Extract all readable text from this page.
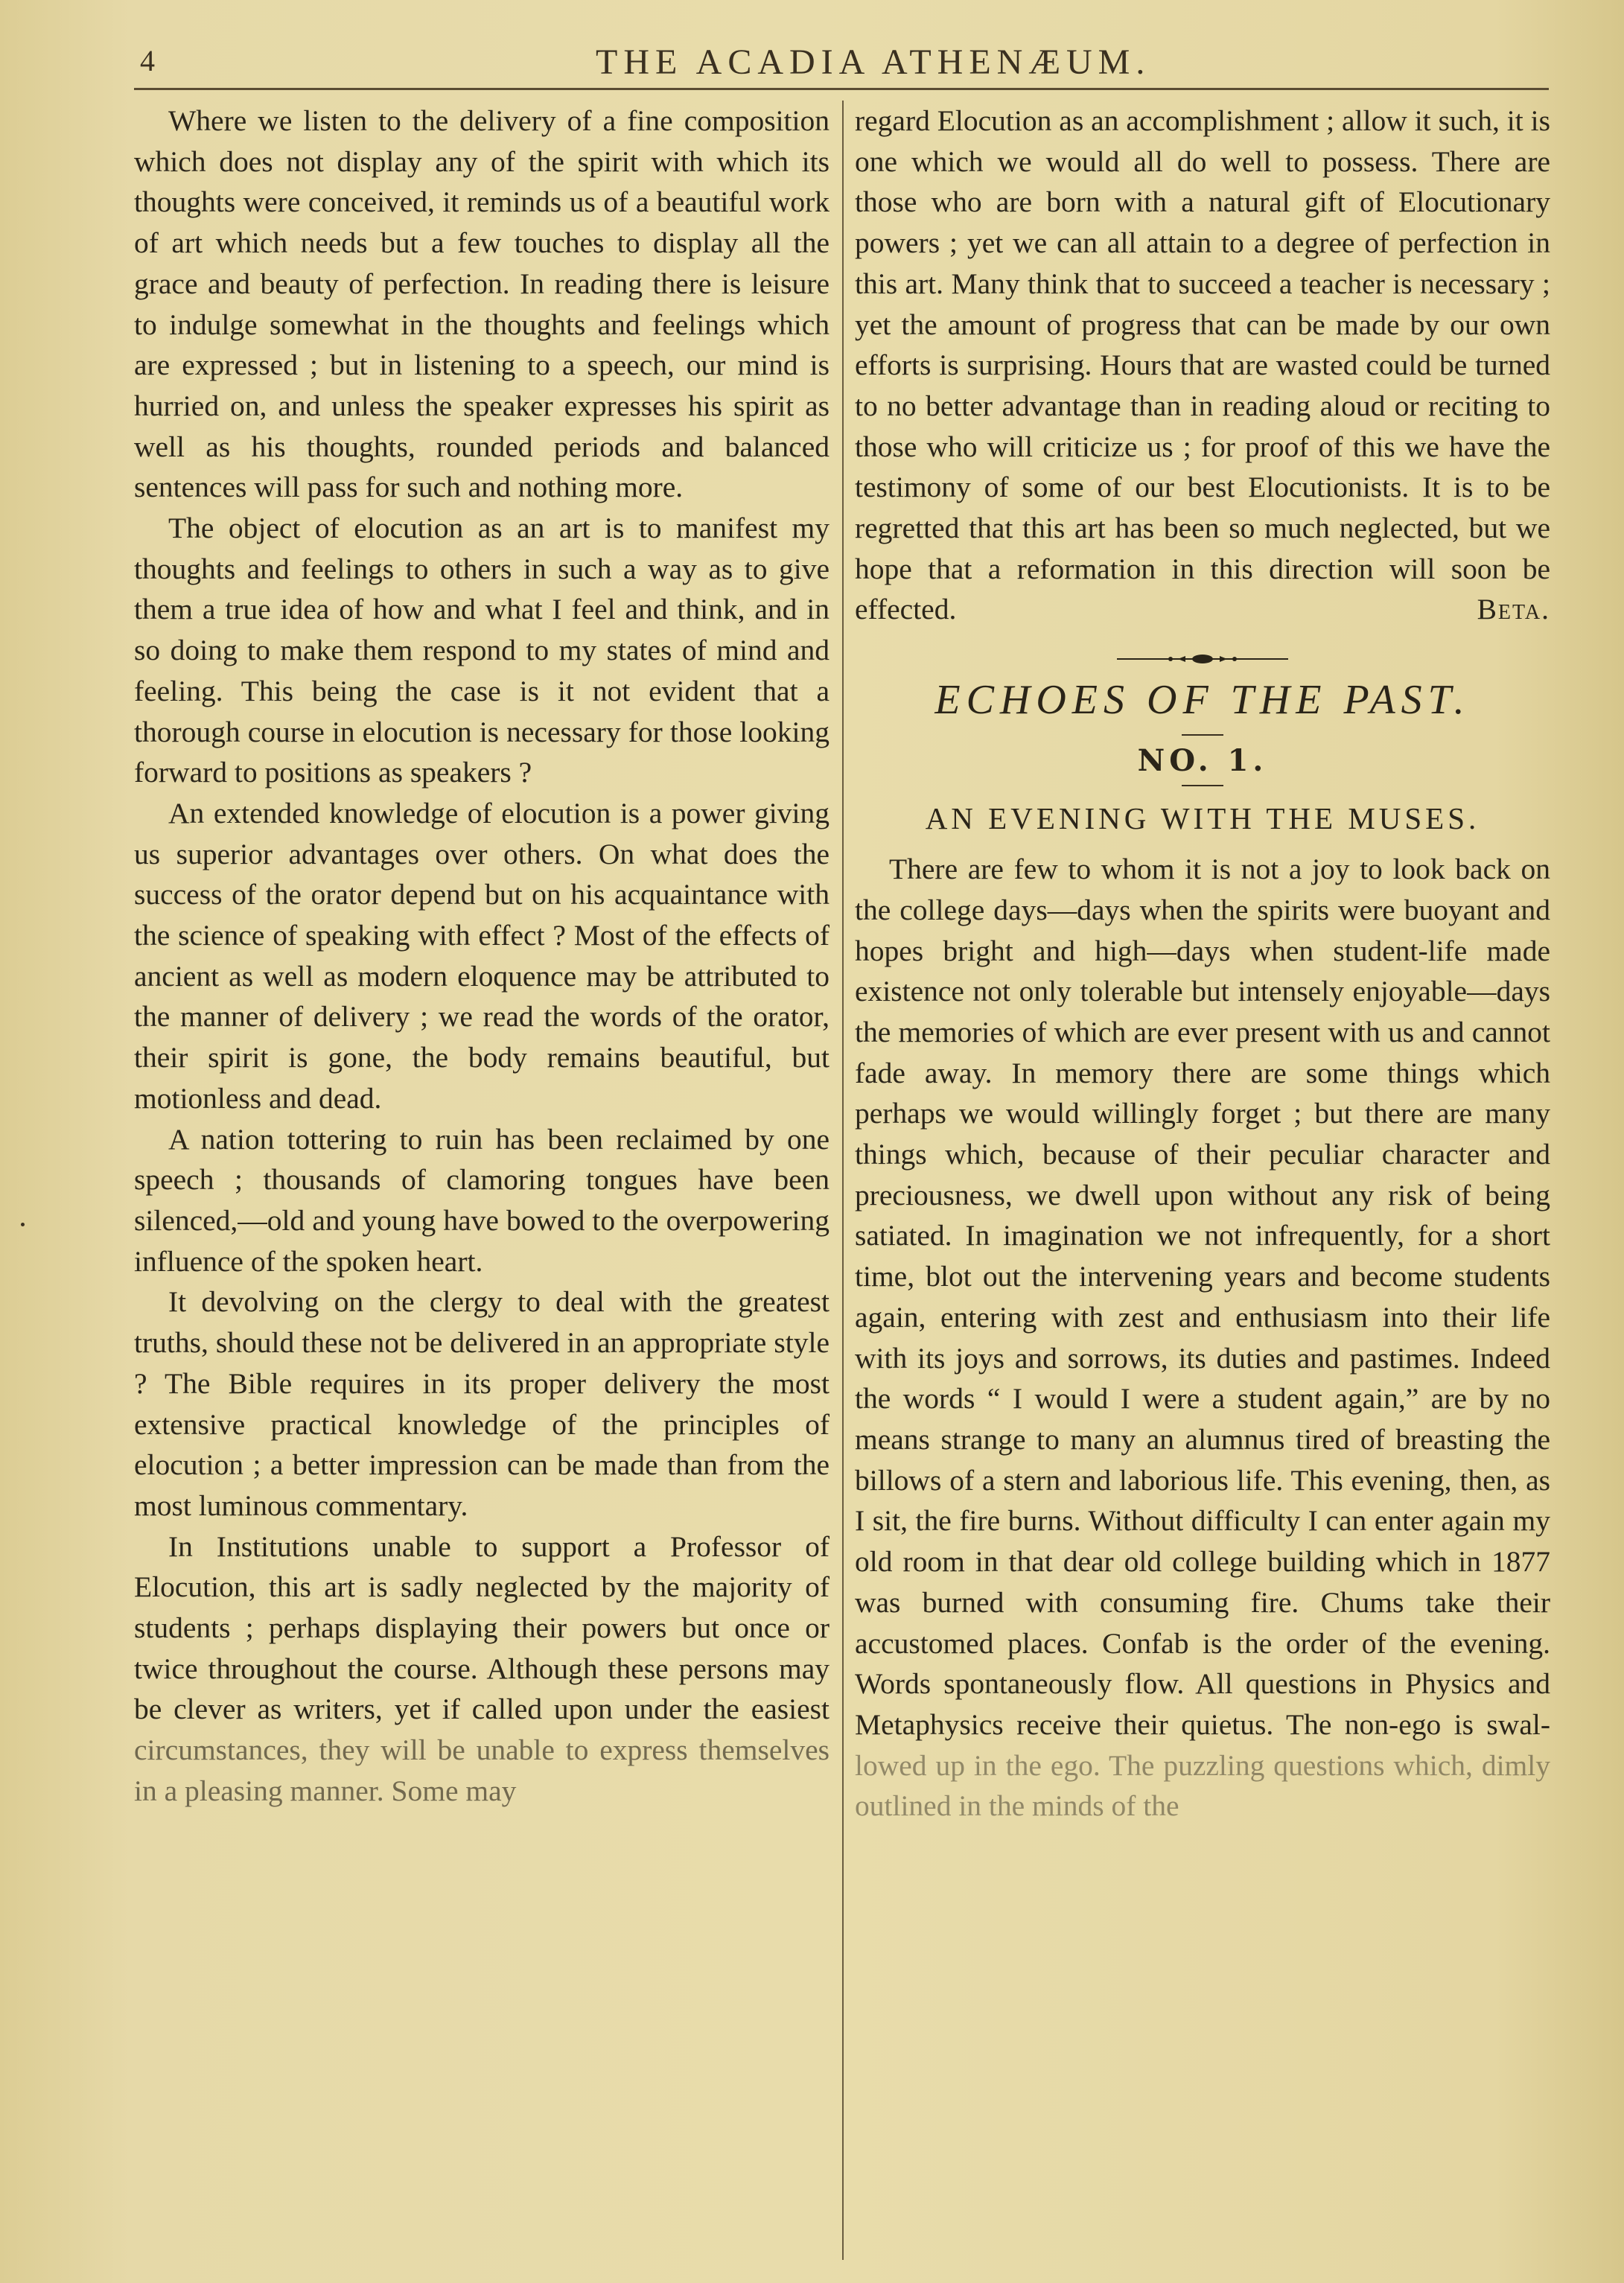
4	THE ACADIA ATHENÆUM.

Where we listen to the delivery of a fine composition which does not display any of the spirit with which its thoughts were conceived, it reminds us of a beautiful work of art which needs but a few touches to display all the grace and beauty of perfection. In reading there is leisure to indulge somewhat in the thoughts and feelings which are expressed ; but in listening to a speech, our mind is hurried on, and unless the speaker expresses his spirit as well as his thoughts, rounded periods and balanced sentences will pass for such and nothing more.

The object of elocution as an art is to manifest my thoughts and feelings to others in such a way as to give them a true idea of how and what I feel and think, and in so doing to make them respond to my states of mind and feeling. This being the case is it not evident that a thorough course in elocution is necessary for those looking forward to positions as speakers ?

An extended knowledge of elocution is a power giving us superior advantages over others. On what does the success of the orator depend but on his acquaintance with the science of speaking with effect ? Most of the effects of ancient as well as modern eloquence may be attributed to the manner of delivery ; we read the words of the orator, their spirit is gone, the body remains beautiful, but motionless and dead.

A nation tottering to ruin has been reclaimed by one speech ; thousands of clamoring tongues have been silenced,—old and young have bowed to the overpowering influence of the spoken heart.

It devolving on the clergy to deal with the greatest truths, should these not be delivered in an appropriate style ? The Bible requires in its proper delivery the most extensive practical knowledge of the principles of elocution ; a better impression can be made than from the most luminous commentary.

In Institutions unable to support a Professor of Elocution, this art is sadly neglected by the majority of students ; perhaps displaying their powers but once or twice throughout the course. Although these persons may be clever as writers, yet if called upon under the easiest circumstances, they will be unable to express themselves in a pleasing manner. Some may

regard Elocution as an accomplishment ; allow it such, it is one which we would all do well to possess. There are those who are born with a natural gift of Elocutionary powers ; yet we can all attain to a degree of perfection in this art. Many think that to succeed a teacher is necessary ; yet the amount of progress that can be made by our own efforts is surprising. Hours that are wasted could be turned to no better advantage than in reading aloud or reciting to those who will criticize us ; for proof of this we have the testimony of some of our best Elocutionists. It is to be regretted that this art has been so much neglected, but we hope that a reformation in this direction will soon be effected.	Beta.

ECHOES OF THE PAST.
NO. 1.
AN EVENING WITH THE MUSES.

There are few to whom it is not a joy to look back on the college days—days when the spirits were buoyant and hopes bright and high—days when student-life made existence not only tolerable but intensely enjoyable—days the memories of which are ever present with us and cannot fade away. In memory there are some things which perhaps we would willingly forget ; but there are many things which, because of their peculiar character and preciousness, we dwell upon without any risk of being satiated. In imagination we not infrequently, for a short time, blot out the intervening years and become students again, entering with zest and enthusiasm into their life with its joys and sorrows, its duties and pastimes. Indeed the words “ I would I were a student again,” are by no means strange to many an alumnus tired of breasting the billows of a stern and laborious life. This evening, then, as I sit, the fire burns. Without difficulty I can enter again my old room in that dear old college building which in 1877 was burned with consuming fire. Chums take their accustomed places. Confab is the order of the evening. Words spontaneously flow. All questions in Physics and Metaphysics receive their quietus. The non-ego is swal- lowed up in the ego. The puzzling questions which, dimly outlined in the minds of the
